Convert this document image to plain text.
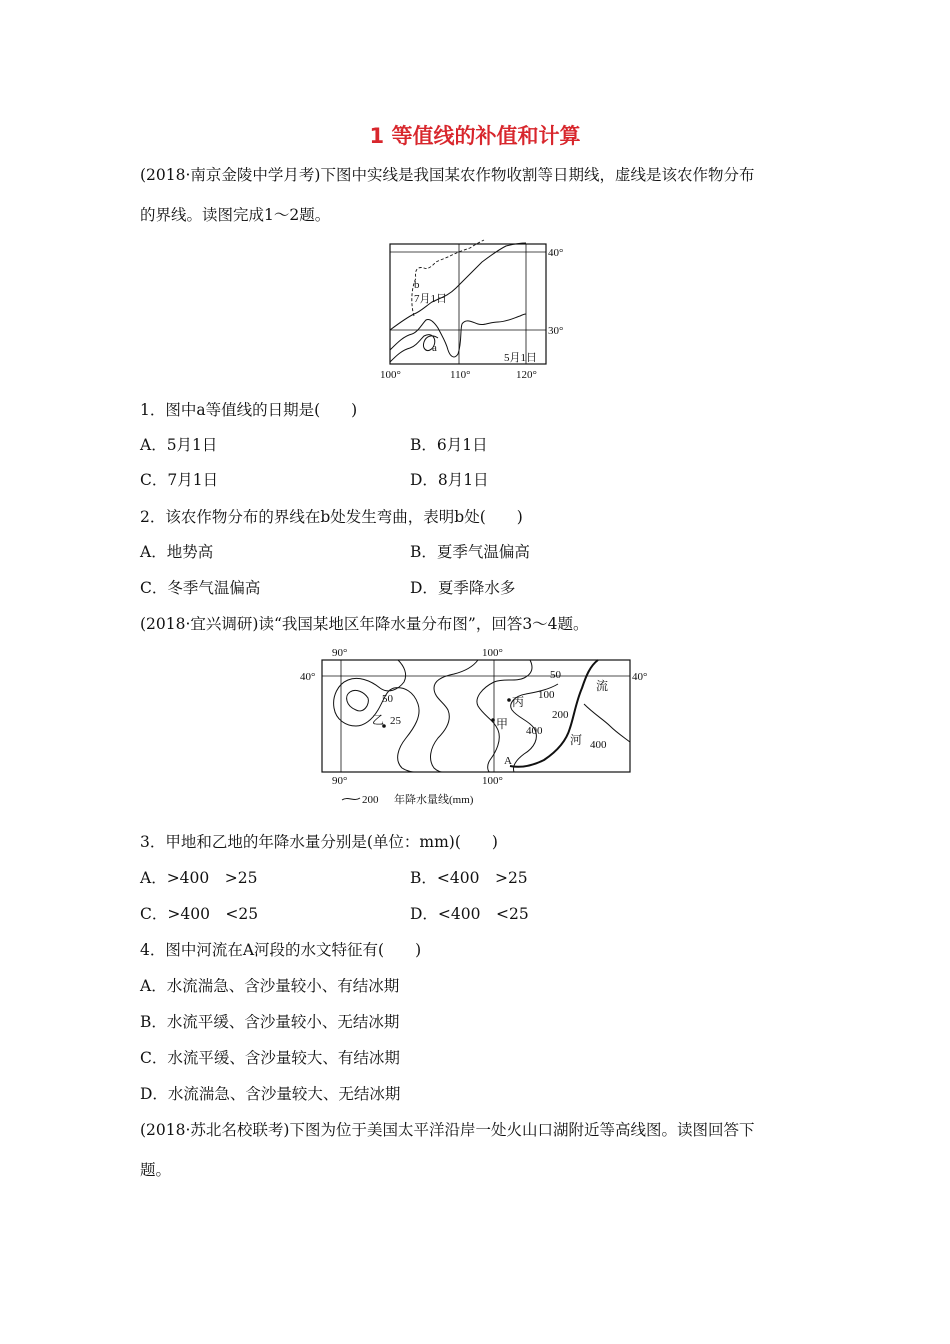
1 等值线的补值和计算
(2018·南京金陵中学月考)下图中实线是我国某农作物收割等日期线，虚线是该农作物分布
的界线。读图完成1～2题。
b
7月1日
a
5月1日
40°
30°
100°	110°	120°
1．图中a等值线的日期是(　　)
A．5月1日	B．6月1日
C．7月1日	D．8月1日
2．该农作物分布的界线在b处发生弯曲，表明b处(　　)
A．地势高	B．夏季气温偏高
C．冬季气温偏高	D．夏季降水多
(2018·宜兴调研)读“我国某地区年降水量分布图”，回答3～4题。
50
50
乙 25
丙 100
甲
200
400
400
A
流
河
40°	40°
90°	100°
90°	100°
200 年降水量线(mm)
3．甲地和乙地的年降水量分别是(单位：mm)(　　)
A．>400　>25	B．<400　>25
C．>400　<25	D．<400　<25
4．图中河流在A河段的水文特征有(　　)
A．水流湍急、含沙量较小、有结冰期
B．水流平缓、含沙量较小、无结冰期
C．水流平缓、含沙量较大、有结冰期
D．水流湍急、含沙量较大、无结冰期
(2018·苏北名校联考)下图为位于美国太平洋沿岸一处火山口湖附近等高线图。读图回答下
题。
